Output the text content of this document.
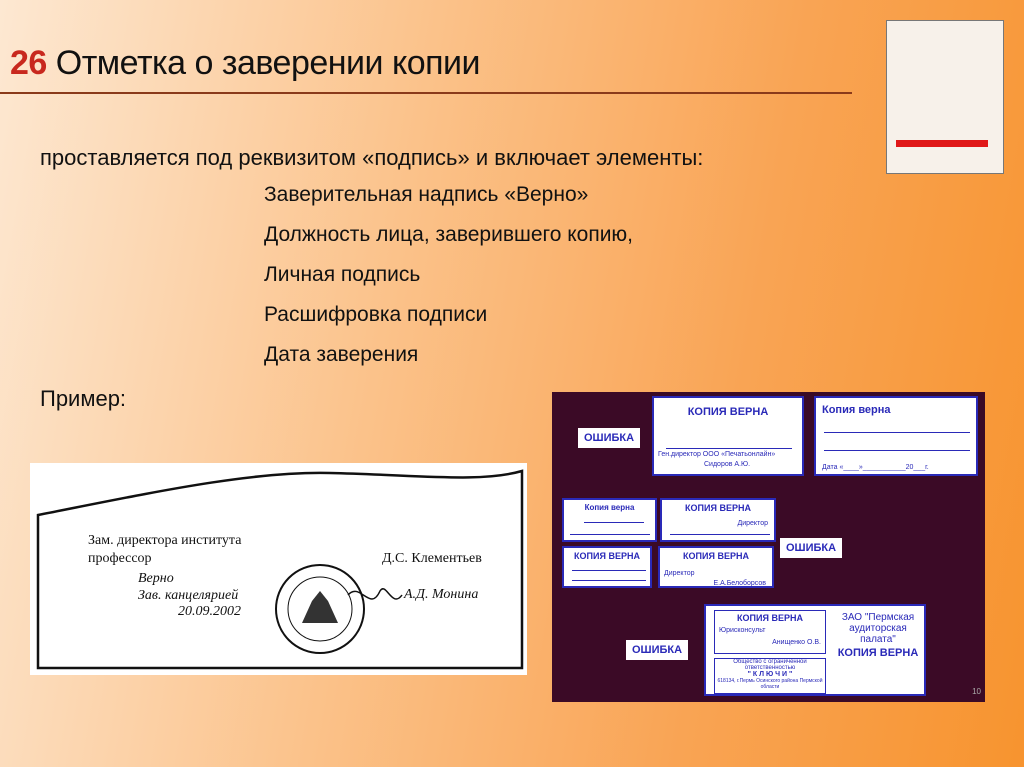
26 Отметка о заверении копии
проставляется под реквизитом «подпись» и включает элементы:
Заверительная надпись «Верно»
Должность лица, заверившего копию,
Личная подпись
Расшифровка подписи
Дата заверения
Пример:
Зам. директора института
профессор	Д.С. Клементьев
Верно
Зав. канцелярией	А.Д. Монина
20.09.2002
ОШИБКА
КОПИЯ ВЕРНА
Ген.директор ООО «Печатьонлайн»
Сидоров А.Ю.
Копия верна
Дата «____»___________20___г.
Копия верна	КОПИЯ ВЕРНА
Директор
КОПИЯ ВЕРНА	КОПИЯ ВЕРНА
Директор
Е.А.Белоборсов
ОШИБКА
КОПИЯ ВЕРНА
Юрисконсульт
Анищенко О.В.
ЗАО "Пермская аудиторская палата"
КОПИЯ ВЕРНА
Общество с ограниченной ответственностью
" К Л Ю Ч И "
618134, г.Пермь Осинского района Пермской области
ОШИБКА
10
